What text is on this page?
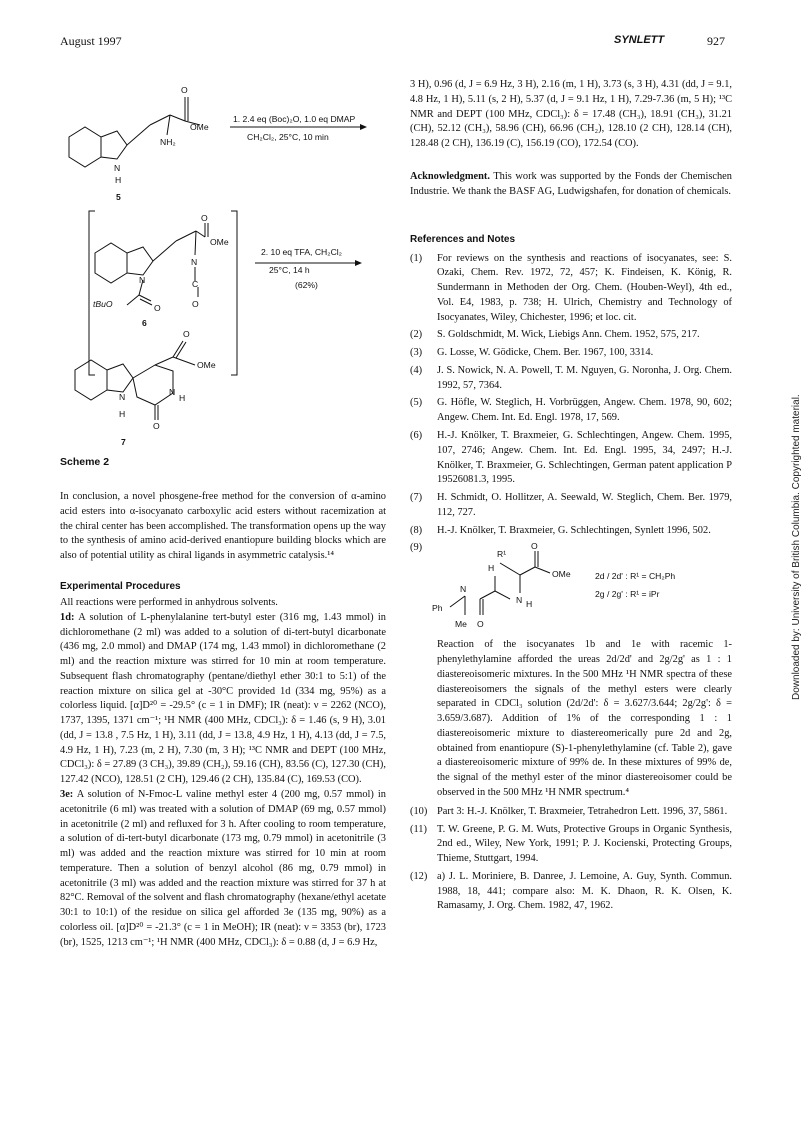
August 1997	SYNLETT	927
OMe
O
NH₂
N
H
5
1. 2.4 eq (Boc)₂O, 1.0 eq DMAP
CH₂Cl₂, 25°C, 10 min
OMe
O
N
C
O
N
tBuO	O
6
2. 10 eq TFA, CH₂Cl₂
25°C, 14 h
(62%)
O
OMe
N	N
H
H
O
7
Scheme 2

In conclusion, a novel phosgene-free method for the conversion of α-amino acid esters into α-isocyanato carboxylic acid esters without racemization at the chiral center has been accomplished. The transformation opens up the way to the synthesis of amino acid-derived enantiopure building blocks which are also of potential utility as chiral ligands in asymmetric catalysis.¹⁴

Experimental Procedures

All reactions were performed in anhydrous solvents.

1d: A solution of L-phenylalanine tert-butyl ester (316 mg, 1.43 mmol) in dichloromethane (2 ml) was added to a solution of di-tert-butyl dicarbonate (436 mg, 2.0 mmol) and DMAP (174 mg, 1.43 mmol) in dichloromethane (2 ml) and the reaction mixture was stirred for 10 min at room temperature. Subsequent flash chromatography (pentane/diethyl ether 30:1 to 5:1) of the reaction mixture on silica gel at -30°C provided 1d (334 mg, 95%) as a colorless liquid. [α]D²⁰ = -29.5° (c = 1 in DMF); IR (neat): ν = 2262 (NCO), 1737, 1395, 1371 cm⁻¹; ¹H NMR (400 MHz, CDCl₃): δ = 1.46 (s, 9 H), 3.01 (dd, J = 13.8 , 7.5 Hz, 1 H), 3.11 (dd, J = 13.8, 4.9 Hz, 1 H), 4.13 (dd, J = 7.5, 4.9 Hz, 1 H), 7.23 (m, 2 H), 7.30 (m, 3 H); ¹³C NMR and DEPT (100 MHz, CDCl₃): δ = 27.89 (3 CH₃), 39.89 (CH₂), 59.16 (CH), 83.56 (C), 127.30 (CH), 127.42 (NCO), 128.51 (2 CH), 129.46 (2 CH), 135.84 (C), 169.53 (CO).

3e: A solution of N-Fmoc-L valine methyl ester 4 (200 mg, 0.57 mmol) in acetonitrile (6 ml) was treated with a solution of DMAP (69 mg, 0.57 mmol) in acetonitrile (2 ml) and refluxed for 3 h. After cooling to room temperature, a solution of di-tert-butyl dicarbonate (173 mg, 0.79 mmol) in acetonitrile (3 ml) was added and the reaction mixture was stirred for 10 min at room temperature. Then a solution of benzyl alcohol (86 mg, 0.79 mmol) in acetonitrile (3 ml) was added and the reaction mixture was stirred for 37 h at 82°C. Removal of the solvent and flash chromatography (hexane/ethyl acetate 30:1 to 10:1) of the residue on silica gel afforded 3e (135 mg, 90%) as a colorless oil. [α]D²⁰ = -21.3° (c = 1 in MeOH); IR (neat): ν = 3353 (br), 1723 (br), 1525, 1213 cm⁻¹; ¹H NMR (400 MHz, CDCl₃): δ = 0.88 (d, J = 6.9 Hz,

3 H), 0.96 (d, J = 6.9 Hz, 3 H), 2.16 (m, 1 H), 3.73 (s, 3 H), 4.31 (dd, J = 9.1, 4.8 Hz, 1 H), 5.11 (s, 2 H), 5.37 (d, J = 9.1 Hz, 1 H), 7.29-7.36 (m, 5 H); ¹³C NMR and DEPT (100 MHz, CDCl₃): δ = 17.48 (CH₃), 18.91 (CH₃), 31.21 (CH), 52.12 (CH₃), 58.96 (CH), 66.96 (CH₂), 128.10 (2 CH), 128.14 (CH), 128.48 (2 CH), 136.19 (C), 156.19 (CO), 172.54 (CO).

Acknowledgment. This work was supported by the Fonds der Chemischen Industrie. We thank the BASF AG, Ludwigshafen, for donation of chemicals.

References and Notes

(1) For reviews on the synthesis and reactions of isocyanates, see: S. Ozaki, Chem. Rev. 1972, 72, 457; K. Findeisen, K. König, R. Sundermann in Methoden der Org. Chem. (Houben-Weyl), 4th ed., Vol. E4, 1983, p. 738; H. Ulrich, Chemistry and Technology of Isocyanates, Wiley, Chichester, 1996; et loc. cit.

(2) S. Goldschmidt, M. Wick, Liebigs Ann. Chem. 1952, 575, 217.

(3) G. Losse, W. Gödicke, Chem. Ber. 1967, 100, 3314.

(4) J. S. Nowick, N. A. Powell, T. M. Nguyen, G. Noronha, J. Org. Chem. 1992, 57, 7364.

(5) G. Höfle, W. Steglich, H. Vorbrüggen, Angew. Chem. 1978, 90, 602; Angew. Chem. Int. Ed. Engl. 1978, 17, 569.

(6) H.-J. Knölker, T. Braxmeier, G. Schlechtingen, Angew. Chem. 1995, 107, 2746; Angew. Chem. Int. Ed. Engl. 1995, 34, 2497; H.-J. Knölker, T. Braxmeier, G. Schlechtingen, German patent application P 19526081.3, 1995.

(7) H. Schmidt, O. Hollitzer, A. Seewald, W. Steglich, Chem. Ber. 1979, 112, 727.

(8) H.-J. Knölker, T. Braxmeier, G. Schlechtingen, Synlett 1996, 502.

(9)

R¹
O
OMe
H
N H
N
Ph
Me O
2d / 2d' : R¹ = CH₂Ph
2g / 2g' : R¹ = iPr

Reaction of the isocyanates 1b and 1e with racemic 1-phenylethylamine afforded the ureas 2d/2d' and 2g/2g' as 1 : 1 diastereoisomeric mixtures. In the 500 MHz ¹H NMR spectra of these diastereoisomers the signals of the methyl esters were clearly separated in CDCl₃ solution (2d/2d': δ = 3.627/3.644; 2g/2g': δ = 3.659/3.687). Addition of 1% of the corresponding 1 : 1 diastereoisomeric mixture to diastereomerically pure 2d and 2g, obtained from enantiopure (S)-1-phenylethylamine (cf. Table 2), gave a diastereoisomeric mixture of 99% de. In these mixtures of 99% de, the signal of the methyl ester of the minor diastereoisomer could be observed in the 500 MHz ¹H NMR spectrum.⁴

(10) Part 3: H.-J. Knölker, T. Braxmeier, Tetrahedron Lett. 1996, 37, 5861.

(11) T. W. Greene, P. G. M. Wuts, Protective Groups in Organic Synthesis, 2nd ed., Wiley, New York, 1991; P. J. Kocienski, Protecting Groups, Thieme, Stuttgart, 1994.

(12) a) J. L. Moriniere, B. Danree, J. Lemoine, A. Guy, Synth. Commun. 1988, 18, 441; compare also: M. K. Dhaon, R. K. Olsen, K. Ramasamy, J. Org. Chem. 1982, 47, 1962.

Downloaded by: University of British Columbia. Copyrighted material.
